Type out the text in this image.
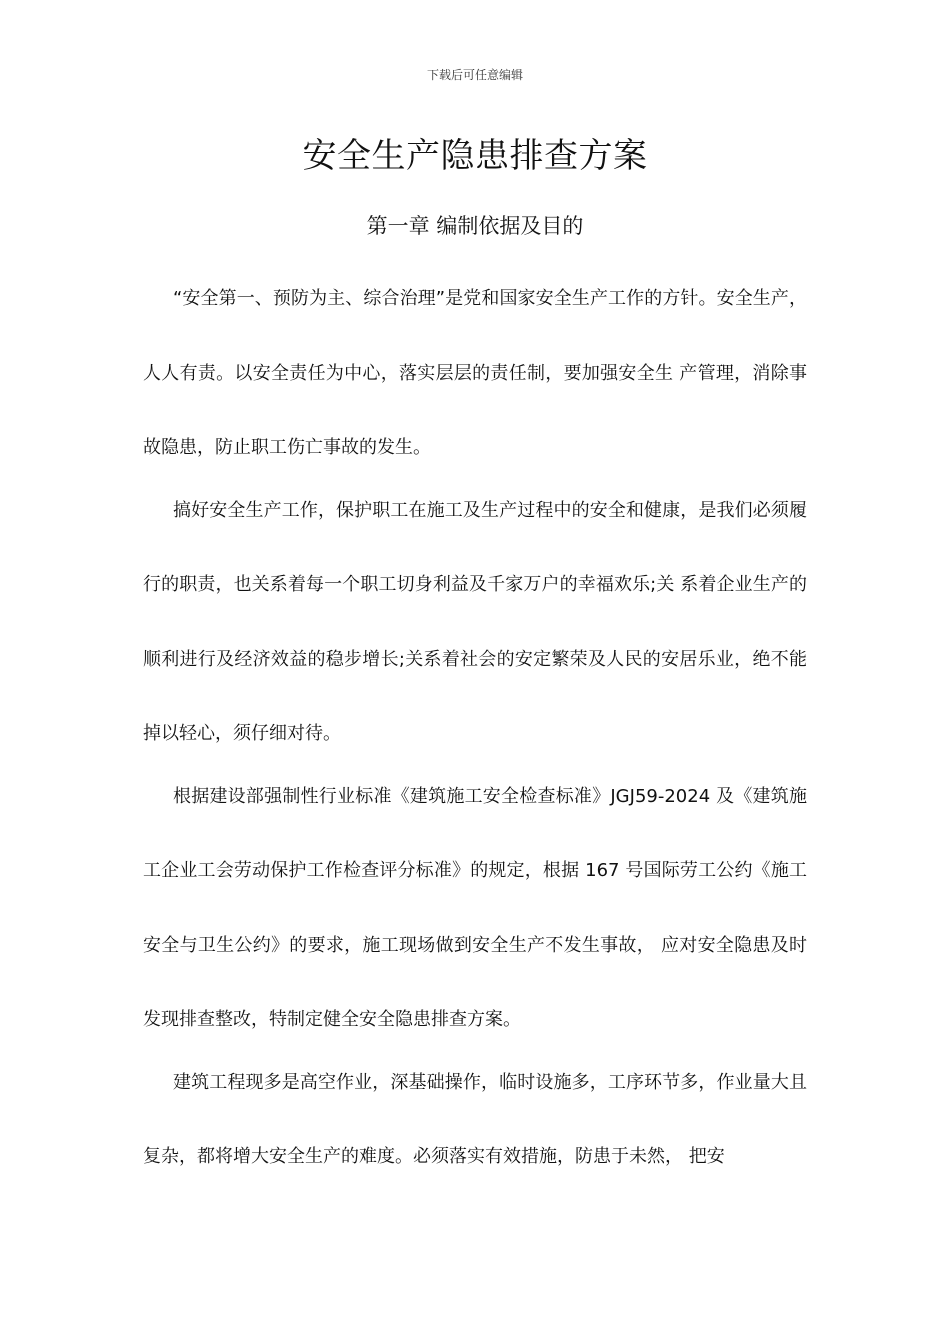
下载后可任意编辑
安全生产隐患排查方案
第一章 编制依据及目的

“安全第一、预防为主、综合治理”是党和国家安全生产工作的方针。安全生产，人人有责。以安全责任为中心，落实层层的责任制，要加强安全生 产管理，消除事故隐患，防止职工伤亡事故的发生。

搞好安全生产工作，保护职工在施工及生产过程中的安全和健康，是我们必须履行的职责，也关系着每一个职工切身利益及千家万户的幸福欢乐;关 系着企业生产的顺利进行及经济效益的稳步增长;关系着社会的安定繁荣及人民的安居乐业，绝不能掉以轻心，须仔细对待。

根据建设部强制性行业标准《建筑施工安全检查标准》JGJ59-2024 及《建筑施工企业工会劳动保护工作检查评分标准》的规定，根据 167 号国际劳工公约《施工安全与卫生公约》的要求，施工现场做到安全生产不发生事故， 应对安全隐患及时发现排查整改，特制定健全安全隐患排查方案。

建筑工程现多是高空作业，深基础操作，临时设施多，工序环节多，作业量大且复杂，都将增大安全生产的难度。必须落实有效措施，防患于未然， 把安
